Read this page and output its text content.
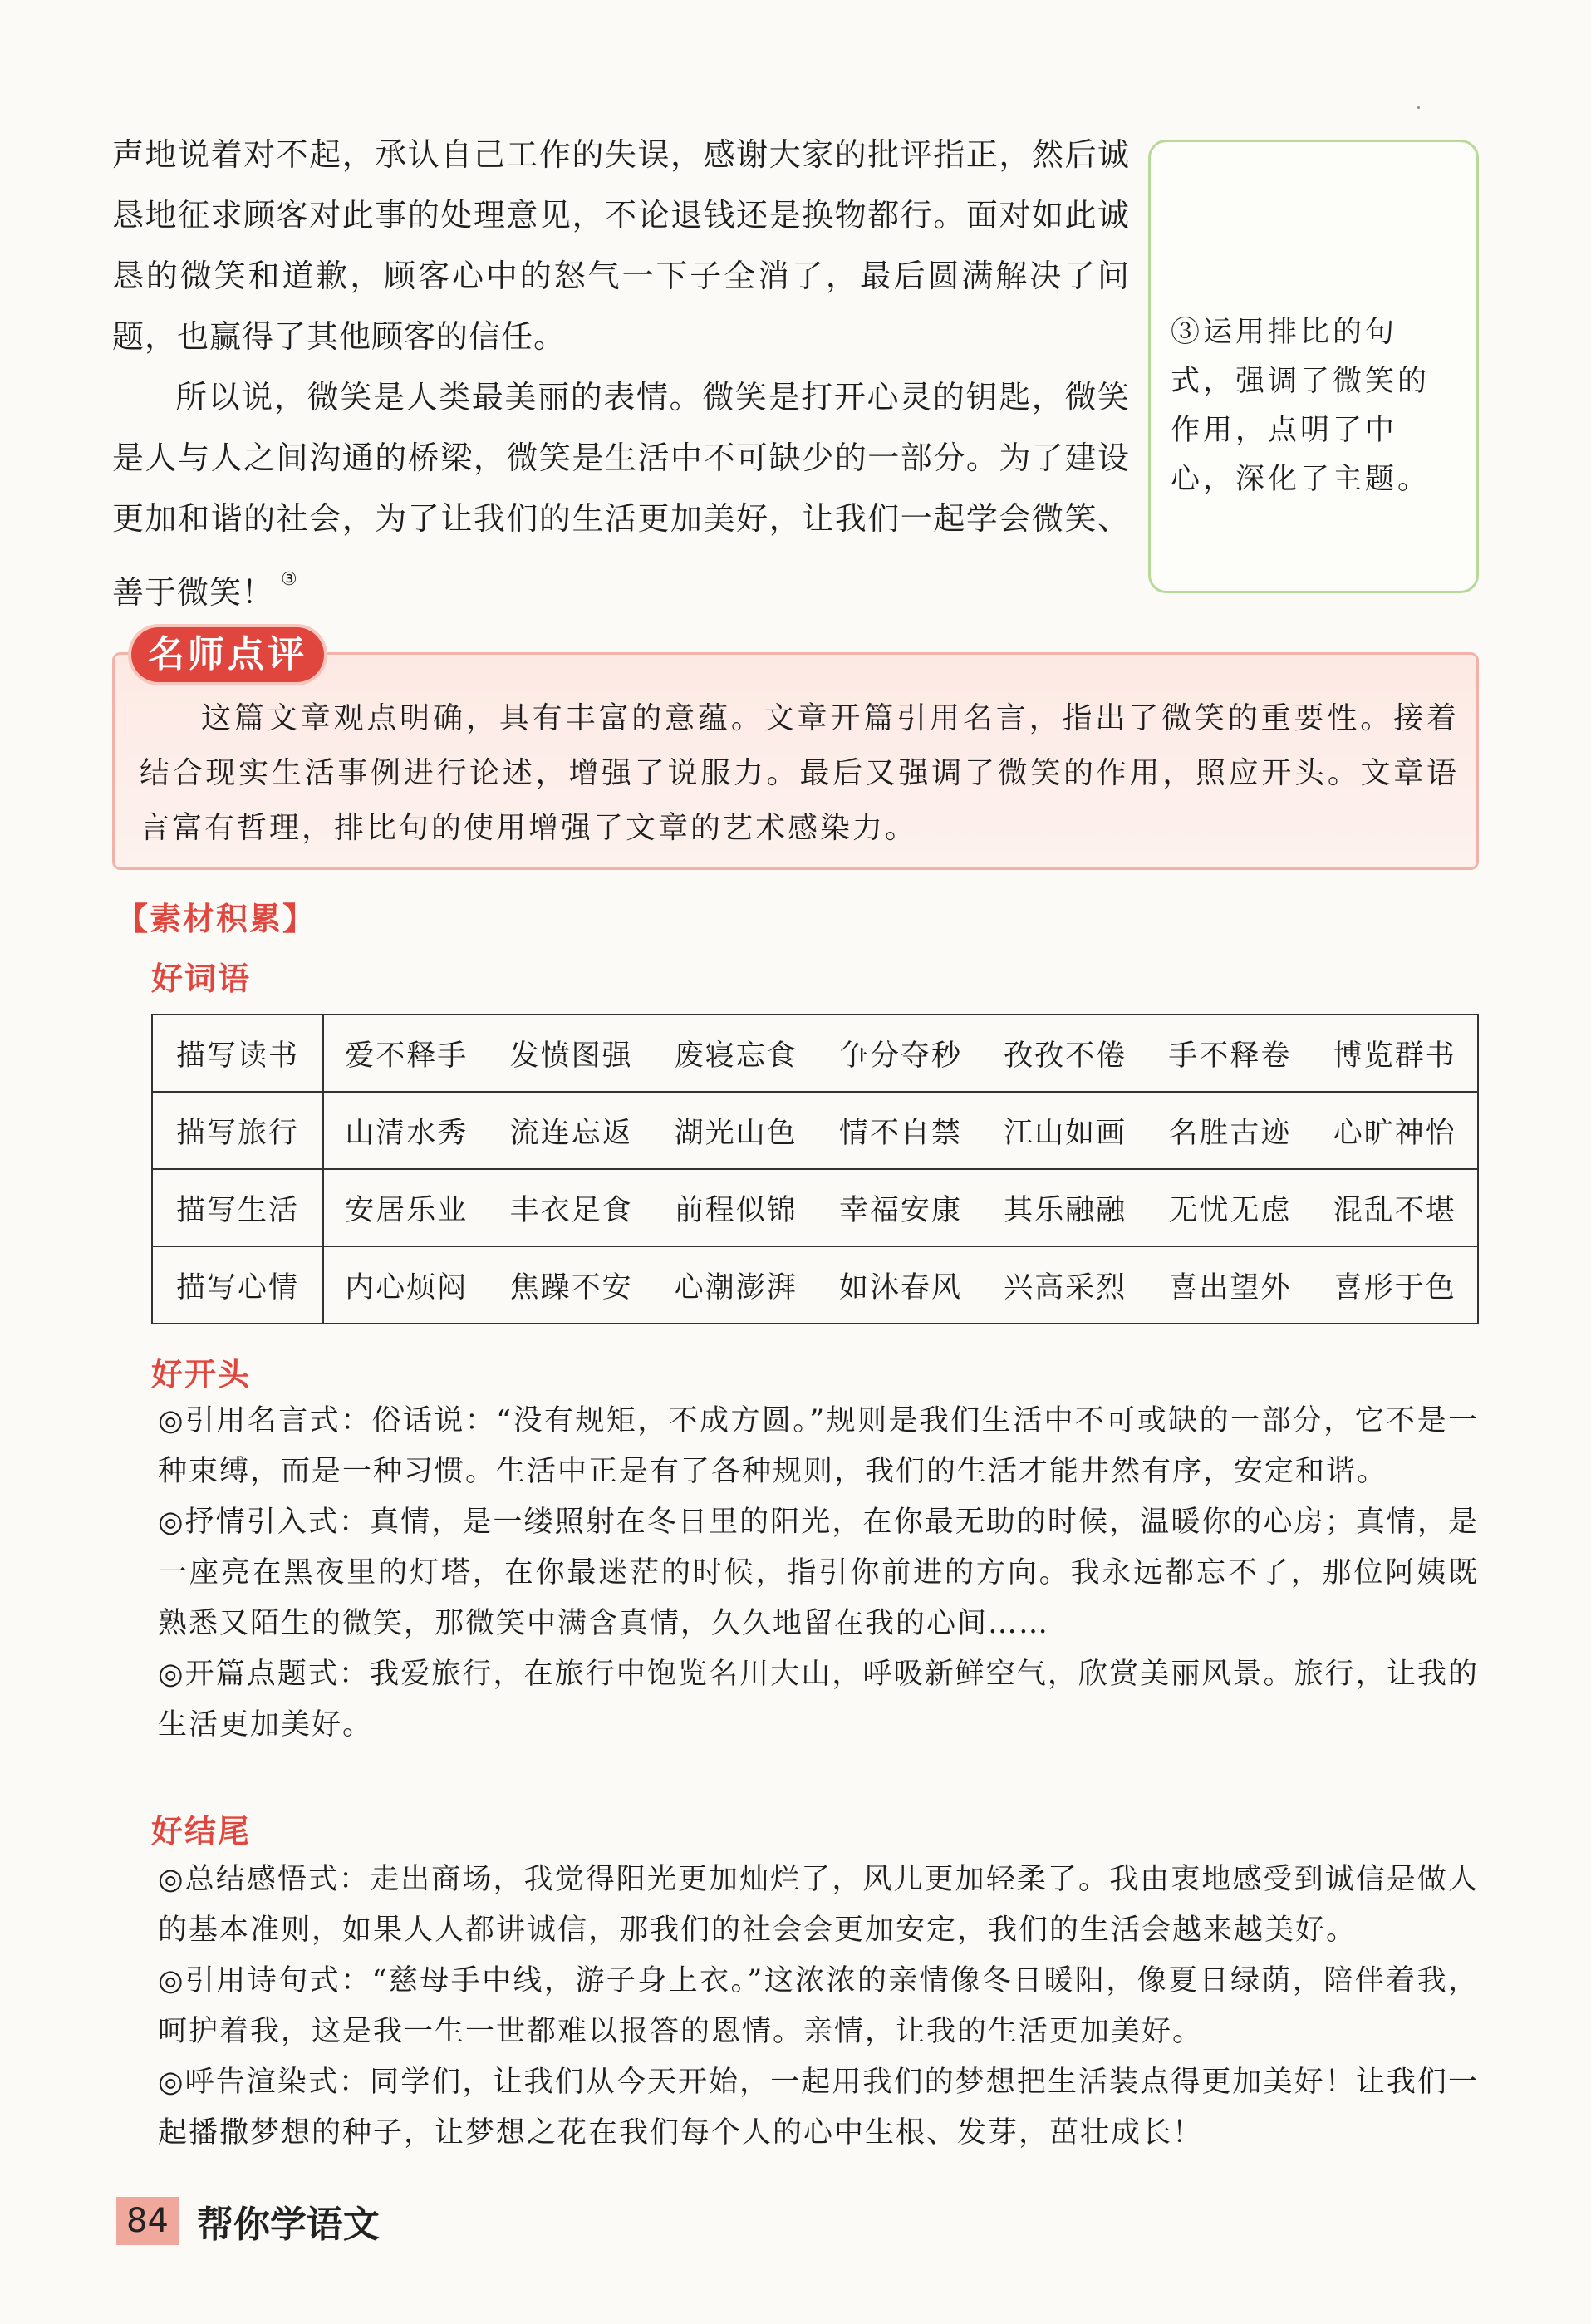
声地说着对不起，承认自己工作的失误，感谢大家的批评指正，然后诚恳地征求顾客对此事的处理意见，不论退钱还是换物都行。面对如此诚恳的微笑和道歉，顾客心中的怒气一下子全消了，最后圆满解决了问题，也赢得了其他顾客的信任。

所以说，微笑是人类最美丽的表情。微笑是打开心灵的钥匙，微笑是人与人之间沟通的桥梁，微笑是生活中不可缺少的一部分。为了建设更加和谐的社会，为了让我们的生活更加美好，让我们一起学会微笑、善于微笑！ ③

③运用排比的句式，强调了微笑的作用，点明了中心，深化了主题。
名师点评

这篇文章观点明确，具有丰富的意蕴。文章开篇引用名言，指出了微笑的重要性。接着结合现实生活事例进行论述，增强了说服力。最后又强调了微笑的作用，照应开头。文章语言富有哲理，排比句的使用增强了文章的艺术感染力。

【素材积累】
好词语
描写读书	爱不释手	发愤图强	废寝忘食	争分夺秒	孜孜不倦	手不释卷	博览群书
描写旅行	山清水秀	流连忘返	湖光山色	情不自禁	江山如画	名胜古迹	心旷神怡
描写生活	安居乐业	丰衣足食	前程似锦	幸福安康	其乐融融	无忧无虑	混乱不堪
描写心情	内心烦闷	焦躁不安	心潮澎湃	如沐春风	兴高采烈	喜出望外	喜形于色
好开头

◎引用名言式：俗话说：“没有规矩，不成方圆。”规则是我们生活中不可或缺的一部分，它不是一种束缚，而是一种习惯。生活中正是有了各种规则，我们的生活才能井然有序，安定和谐。

◎抒情引入式：真情，是一缕照射在冬日里的阳光，在你最无助的时候，温暖你的心房；真情，是一座亮在黑夜里的灯塔，在你最迷茫的时候，指引你前进的方向。我永远都忘不了，那位阿姨既熟悉又陌生的微笑，那微笑中满含真情，久久地留在我的心间……

◎开篇点题式：我爱旅行，在旅行中饱览名川大山，呼吸新鲜空气，欣赏美丽风景。旅行，让我的生活更加美好。

好结尾

◎总结感悟式：走出商场，我觉得阳光更加灿烂了，风儿更加轻柔了。我由衷地感受到诚信是做人的基本准则，如果人人都讲诚信，那我们的社会会更加安定，我们的生活会越来越美好。

◎引用诗句式：“慈母手中线，游子身上衣。”这浓浓的亲情像冬日暖阳，像夏日绿荫，陪伴着我，呵护着我，这是我一生一世都难以报答的恩情。亲情，让我的生活更加美好。

◎呼告渲染式：同学们，让我们从今天开始，一起用我们的梦想把生活装点得更加美好！让我们一起播撒梦想的种子，让梦想之花在我们每个人的心中生根、发芽，茁壮成长！

84 帮你学语文
